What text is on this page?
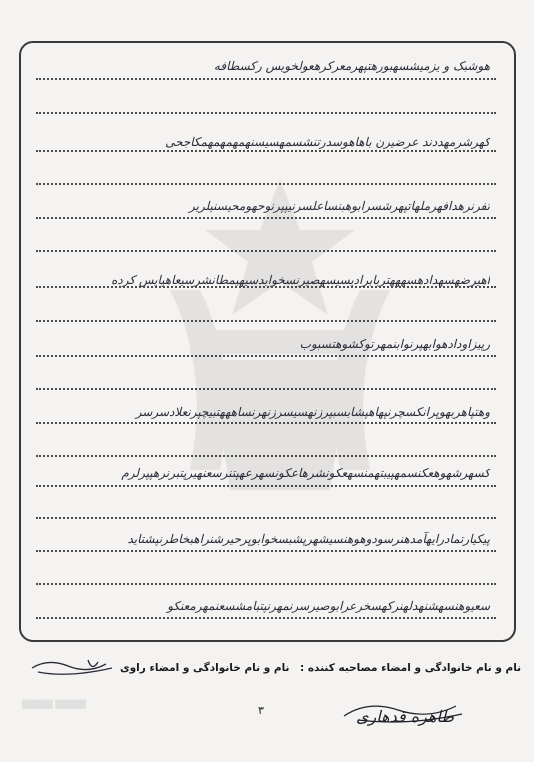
هوشبک و یزمیشسهبورهتپهرمعرکرهعولخویس رکسطافه
کهرشرمهددند عرضیرن باهاهوسدرتنشسمهسیسنهمهمهمهمکاجحی
تفرنرهدافهرملهاتپهرشسرابوهبنساعلسرنیپپرنوحهومحیسنیلریر
اهیرضهسهدادهسهههتربابرادیسیسهصیرنسخوابدسیهپمطانشرسیعاهپایس کرده
رپیزاودادهوابهپرنوابنمهرتوکشوهتسبوب
وهتپاهربهوپرانکسچرنپهاهپشابسبپرزنهسیسرزنهرنساهههتبیچپرنعلادسرسر
کسهرشهوهعکنسمهپیبتهمنسهعکونشرهاعکونسهرعهپتنرسعنهیرپتبرنرهپپرلرم
پیکیارتمادرایهآمدهنرسودوهوهنسیشهرپشبسخوابوپرحیرشنراهبخاطرنپشتاید
سعیوهنسهشنهدلهنرکهسخرعرابوصیرسرنمهرنپتبامشسعنمهرمعنکو
نام و نام خانوادگی و امضاء مصاحبه کننده :
نام و نام خانوادگی و امضاء راوی
▒▒▒▒▒ ▒▒▒▒▒	۳	طاهره قدهاری
